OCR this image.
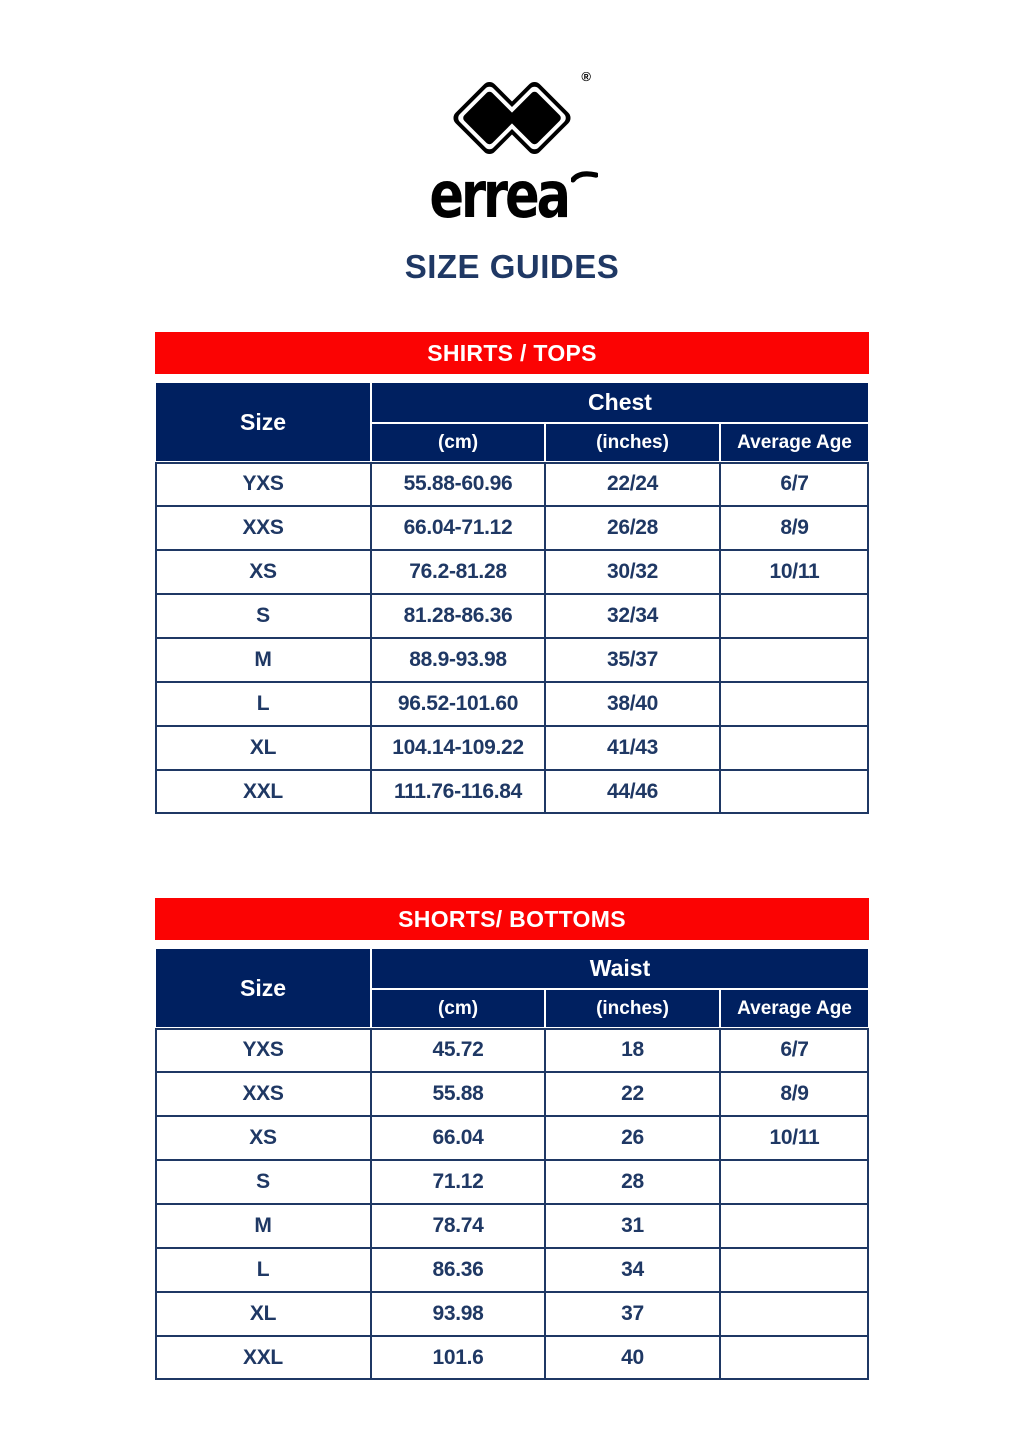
®
errea
SIZE GUIDES
SHIRTS / TOPS
Size
Chest
(cm)	(inches)	Average Age
YXS	55.88-60.96	22/24	6/7
XXS	66.04-71.12	26/28	8/9
XS	76.2-81.28	30/32	10/11
S	81.28-86.36	32/34
M	88.9-93.98	35/37
L	96.52-101.60	38/40
XL	104.14-109.22	41/43
XXL	111.76-116.84	44/46
SHORTS/ BOTTOMS
Size
Waist
(cm)	(inches)	Average Age
YXS	45.72	18	6/7
XXS	55.88	22	8/9
XS	66.04	26	10/11
S	71.12	28
M	78.74	31
L	86.36	34
XL	93.98	37
XXL	101.6	40
